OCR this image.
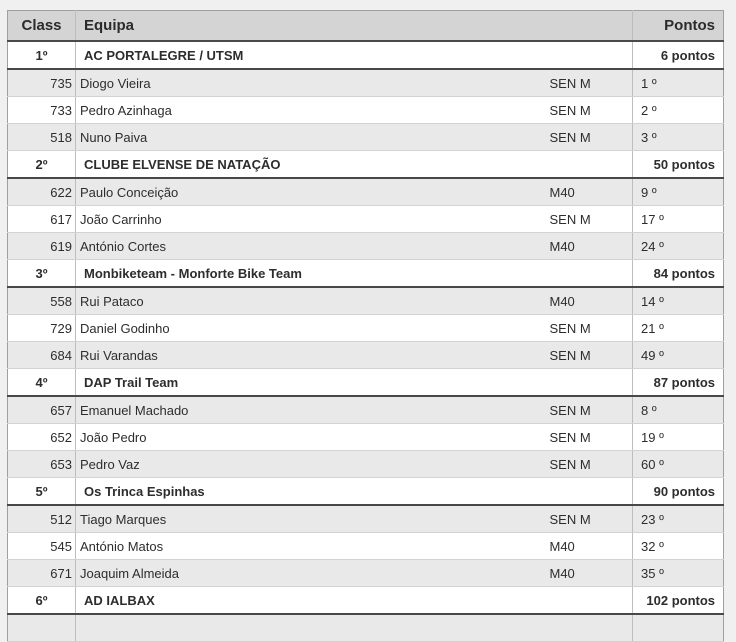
Class	Equipa		Pontos
1º	AC PORTALEGRE / UTSM		6 pontos
735	Diogo Vieira	SEN M	1 º
733	Pedro Azinhaga	SEN M	2 º
518	Nuno Paiva	SEN M	3 º
2º	CLUBE ELVENSE DE NATAÇÃO		50 pontos
622	Paulo Conceição	M40	9 º
617	João Carrinho	SEN M	17 º
619	António Cortes	M40	24 º
3º	Monbiketeam - Monforte Bike Team		84 pontos
558	Rui Pataco	M40	14 º
729	Daniel Godinho	SEN M	21 º
684	Rui Varandas	SEN M	49 º
4º	DAP Trail Team		87 pontos
657	Emanuel Machado	SEN M	8 º
652	João Pedro	SEN M	19 º
653	Pedro Vaz	SEN M	60 º
5º	Os Trinca Espinhas		90 pontos
512	Tiago Marques	SEN M	23 º
545	António Matos	M40	32 º
671	Joaquim Almeida	M40	35 º
6º	AD IALBAX		102 pontos
